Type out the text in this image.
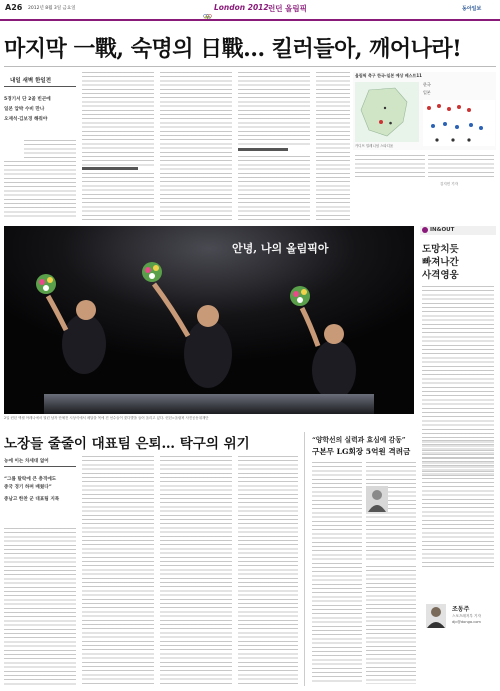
A26 2012년 8월 3일 금요일	London 2012 런던 올림픽	동아일보
마지막 一戰, 숙명의 日戰… 킬러들아, 깨어나라!
내일 새벽 한일전
5경기서 단 2골 빈곤에
일본 압박 수비 만나
오재석·김보경 해줘야
올림픽 축구 한국-일본 예상 베스트11
한국
일본
●
카디프 밀레니엄 스타디움
김지민 기자
안녕, 나의 올림픽아
2일 런던 엑셀 아레나에서 열린 남자 단체전 시상식에서 메달을 목에 건 선수들이 꽃다발을 들어 올리고 있다. 런던=올림픽 사진공동취재단
IN&OUT
도망치듯
빠져나간
사격영웅
노장들 줄줄이 대표팀 은퇴… 탁구의 위기
농에 이는 차세대 없어
“그룹 탈락에 큰 충격에도
중국 경기 하며 배웠다”
중남고 한찬 군 대표팀 지목
“양학선의 실력과 효심에 감동”
구본무 LG회장 5억원 격려금
조동주
스포츠레저부 기자
djc@donga.com
